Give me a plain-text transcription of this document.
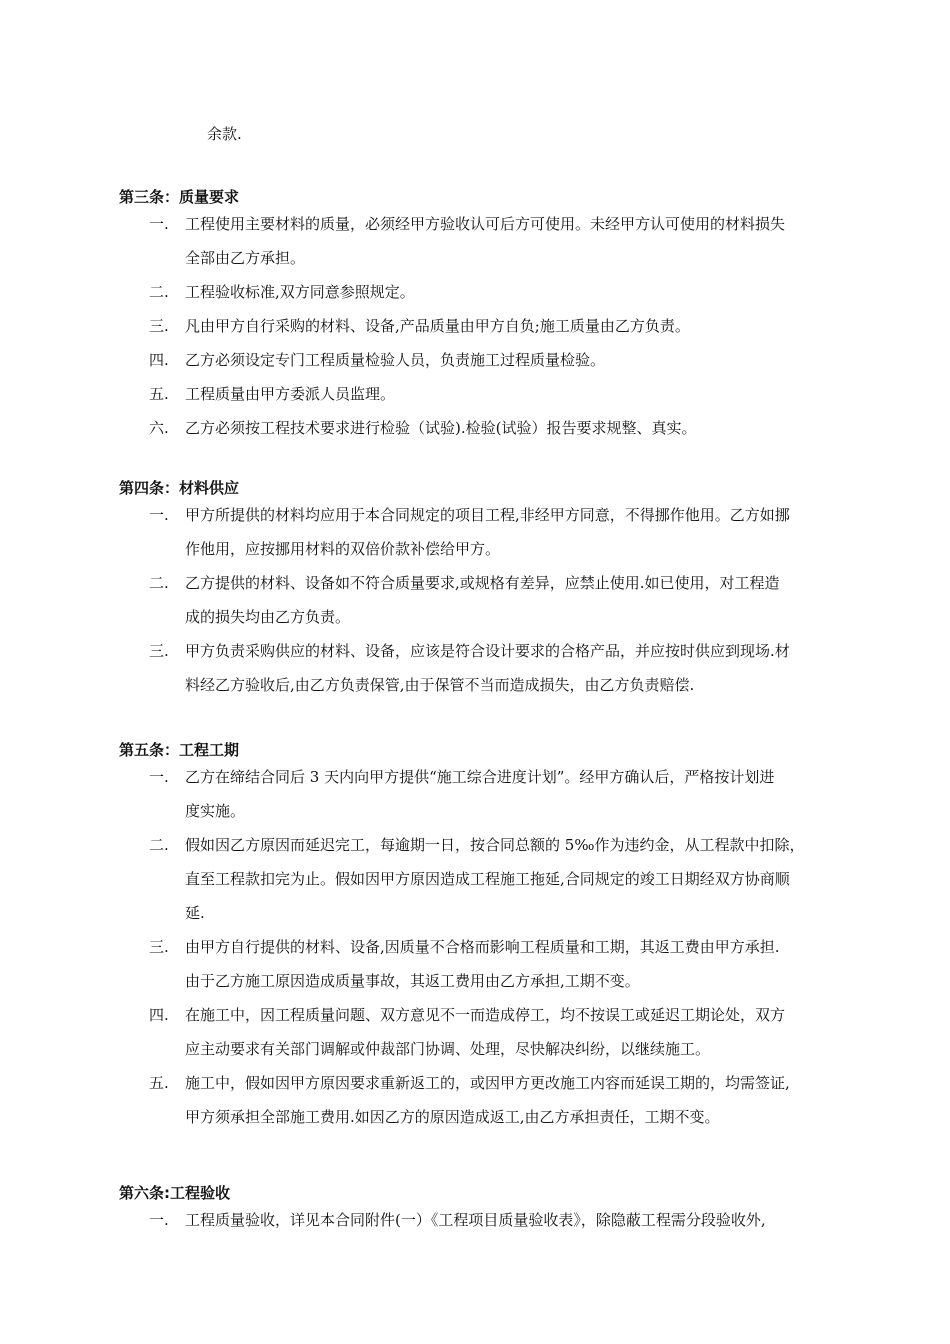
余款.
第三条：质量要求
一.	工程使用主要材料的质量，必须经甲方验收认可后方可使用。未经甲方认可使用的材料损失
全部由乙方承担。
二.	工程验收标准,双方同意参照规定。
三.	凡由甲方自行采购的材料、设备,产品质量由甲方自负;施工质量由乙方负责。
四.	乙方必须设定专门工程质量检验人员，负责施工过程质量检验。
五.	工程质量由甲方委派人员监理。
六.	乙方必须按工程技术要求进行检验（试验).检验(试验）报告要求规整、真实。
第四条：材料供应
一.	甲方所提供的材料均应用于本合同规定的项目工程,非经甲方同意，不得挪作他用。乙方如挪
作他用，应按挪用材料的双倍价款补偿给甲方。
二.	乙方提供的材料、设备如不符合质量要求,或规格有差异，应禁止使用.如已使用，对工程造
成的损失均由乙方负责。
三.	甲方负责采购供应的材料、设备，应该是符合设计要求的合格产品，并应按时供应到现场.材
料经乙方验收后,由乙方负责保管,由于保管不当而造成损失，由乙方负责赔偿.
第五条：工程工期
一.	乙方在缔结合同后 3 天内向甲方提供“施工综合进度计划”。经甲方确认后，严格按计划进
度实施。
二.	假如因乙方原因而延迟完工，每逾期一日，按合同总额的 5‰作为违约金，从工程款中扣除，
直至工程款扣完为止。假如因甲方原因造成工程施工拖延,合同规定的竣工日期经双方协商顺
延.
三.	由甲方自行提供的材料、设备,因质量不合格而影响工程质量和工期，其返工费由甲方承担.
由于乙方施工原因造成质量事故，其返工费用由乙方承担,工期不变。
四.	在施工中，因工程质量问题、双方意见不一而造成停工，均不按误工或延迟工期论处，双方
应主动要求有关部门调解或仲裁部门协调、处理，尽快解决纠纷，以继续施工。
五.	施工中，假如因甲方原因要求重新返工的，或因甲方更改施工内容而延误工期的，均需签证,
甲方须承担全部施工费用.如因乙方的原因造成返工,由乙方承担责任，工期不变。
第六条:工程验收
一.	工程质量验收，详见本合同附件(一）《工程项目质量验收表》，除隐蔽工程需分段验收外,
